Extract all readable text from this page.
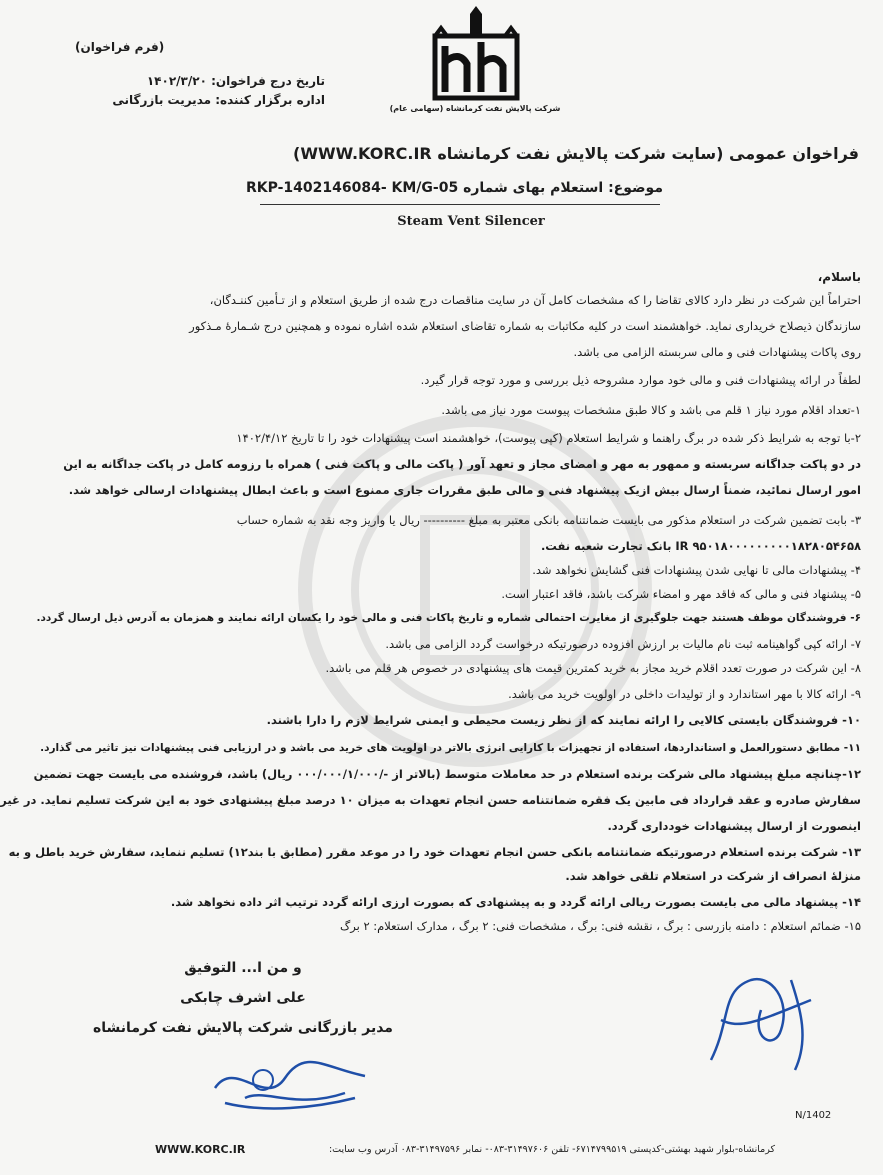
(فرم فراخوان)
شرکت پالایش نفت کرمانشاه (سهامی عام)
تاریخ درج فراخوان: ۱۴۰۲/۳/۲۰
اداره برگزار کننده: مدیریت بازرگانی
فراخوان عمومی (سایت شرکت پالایش نفت کرمانشاه WWW.KORC.IR)
موضوع: استعلام بهای شماره RKP-1402146084- KM/G-05
Steam Vent Silencer
باسلام،
احتراماً این شرکت در نظر دارد کالای تقاضا را که مشخصات کامل آن در سایت مناقصات درج شده از طریق استعلام و از تـأمین کننـدگان،
سازندگان ذیصلاح خریداری نماید. خواهشمند است در کلیه مکاتبات به شماره تقاضای استعلام شده اشاره نموده و همچنین درج شـمارۀ مـذکور
روی پاکات پیشنهادات فنی و مالی سربسته الزامی می باشد.
لطفاً در ارائه پیشنهادات فنی و مالی خود موارد مشروحه ذیل بررسی و مورد توجه قرار گیرد.
۱-تعداد اقلام مورد نیاز ۱ قلم می باشد و کالا طبق مشخصات پیوست مورد نیاز می باشد.
۲-با توجه به شرایط ذکر شده در برگ راهنما و شرایط استعلام (کپی پیوست)، خواهشمند است پیشنهادات خود را تا تاریخ ۱۴۰۲/۴/۱۲
در دو پاکت جداگانه سربسته و ممهور به مهر و امضای مجاز و تعهد آور ( پاکت مالی و پاکت فنی ) همراه با رزومه کامل در پاکت جداگانه به این
امور ارسال نمائید، ضمناً ارسال بیش ازیک پیشنهاد فنی و مالی طبق مقررات جاری ممنوع است و باعث ابطال پیشنهادات ارسالی خواهد شد.
۳- بابت تضمین شرکت در استعلام مذکور می بایست ضمانتنامه بانکی معتبر به مبلغ ---------- ریال یا واریز وجه نقد به شماره حساب
IR ۹۵۰۱۸۰۰۰۰۰۰۰۰۰۱۸۲۸۰۵۴۶۵۸ بانک تجارت شعبه نفت.
۴- پیشنهادات مالی تا نهایی شدن پیشنهادات فنی گشایش نخواهد شد.
۵- پیشنهاد فنی و مالی که فاقد مهر و امضاء شرکت باشد، فاقد اعتبار است.
۶- فروشندگان موظف هستند جهت جلوگیری از مغایرت احتمالی شماره و تاریخ پاکات فنی و مالی خود را یکسان ارائه نمایند و همزمان به آدرس ذیل ارسال گردد.
۷- ارائه کپی گواهینامه ثبت نام مالیات بر ارزش افزوده درصورتیکه درخواست گردد الزامی می باشد.
۸- این شرکت در صورت تعدد اقلام خرید مجاز به خرید کمترین قیمت های پیشنهادی در خصوص هر قلم می باشد.
۹- ارائه کالا با مهر استاندارد و از تولیدات داخلی در اولویت خرید می باشد.
۱۰- فروشندگان بایستی کالایی را ارائه نمایند که از نظر زیست محیطی و ایمنی شرایط لازم را دارا باشند.
۱۱- مطابق دستورالعمل و استانداردها، استفاده از تجهیزات با کارایی انرژی بالاتر در اولویت های خرید می باشد و در ارزیابی فنی پیشنهادات نیز تاثیر می گذارد.
۱۲-چنانچه مبلغ پیشنهاد مالی شرکت برنده استعلام در حد معاملات متوسط (بالاتر از -/۰۰۰/۰۰۰/۱/۰۰۰ ریال) باشد، فروشنده می بایست جهت تضمین
سفارش صادره و عقد قرارداد فی مابین یک فقره ضمانتنامه حسن انجام تعهدات به میزان ۱۰ درصد مبلغ پیشنهادی خود به این شرکت تسلیم نماید. در غیر
اینصورت از ارسال پیشنهادات خودداری گردد.
۱۳- شرکت برنده استعلام درصورتیکه ضمانتنامه بانکی حسن انجام تعهدات خود را در موعد مقرر (مطابق با بند۱۲) تسلیم ننماید، سفارش خرید باطل و به
منزلۀ انصراف از شرکت در استعلام تلقی خواهد شد.
۱۴- پیشنهاد مالی می بایست بصورت ریالی ارائه گردد و به پیشنهادی که بصورت ارزی ارائه گردد ترتیب اثر داده نخواهد شد.
۱۵- ضمائم استعلام : دامنه بازرسی : برگ ، نقشه فنی: برگ ، مشخصات فنی: ۲ برگ ، مدارک استعلام: ۲ برگ
و من ا... التوفیق
علی اشرف چابکی
مدیر بازرگانی شرکت پالایش نفت کرمانشاه
N/1402
کرمانشاه-بلوار شهید بهشتی-کدپستی ۶۷۱۴۷۹۹۵۱۹- تلفن ۳۱۴۹۷۶۰۶-۰۸۳- نمابر ۳۱۴۹۷۵۹۶-۰۸۳ آدرس وب سایت:
WWW.KORC.IR
